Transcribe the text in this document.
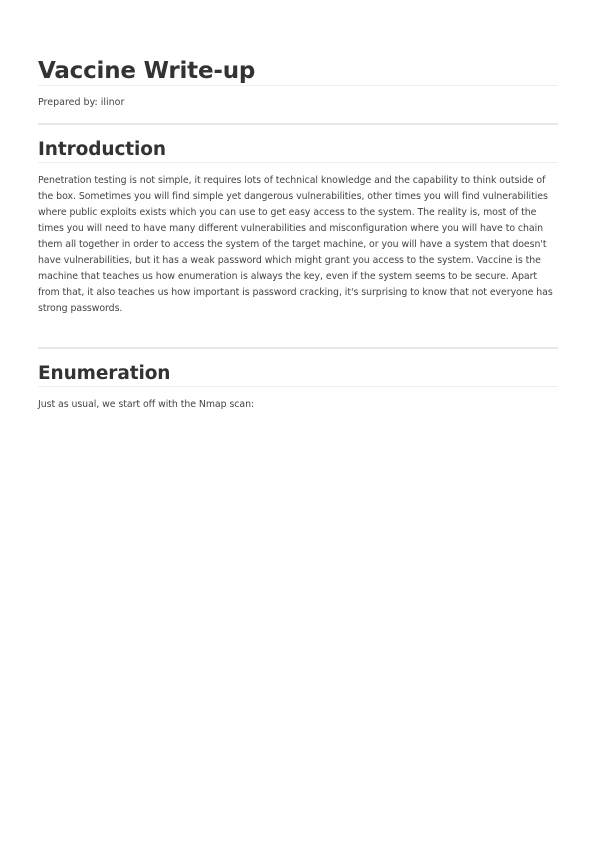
Vaccine Write-up

Prepared by: ilinor

Introduction

Penetration testing is not simple, it requires lots of technical knowledge and the capability to think outside of the box. Sometimes you will find simple yet dangerous vulnerabilities, other times you will find vulnerabilities where public exploits exists which you can use to get easy access to the system. The reality is, most of the times you will need to have many different vulnerabilities and misconfiguration where you will have to chain them all together in order to access the system of the target machine, or you will have a system that doesn't have vulnerabilities, but it has a weak password which might grant you access to the system. Vaccine is the machine that teaches us how enumeration is always the key, even if the system seems to be secure. Apart from that, it also teaches us how important is password cracking, it's surprising to know that not everyone has strong passwords.

Enumeration

Just as usual, we start off with the Nmap scan:
